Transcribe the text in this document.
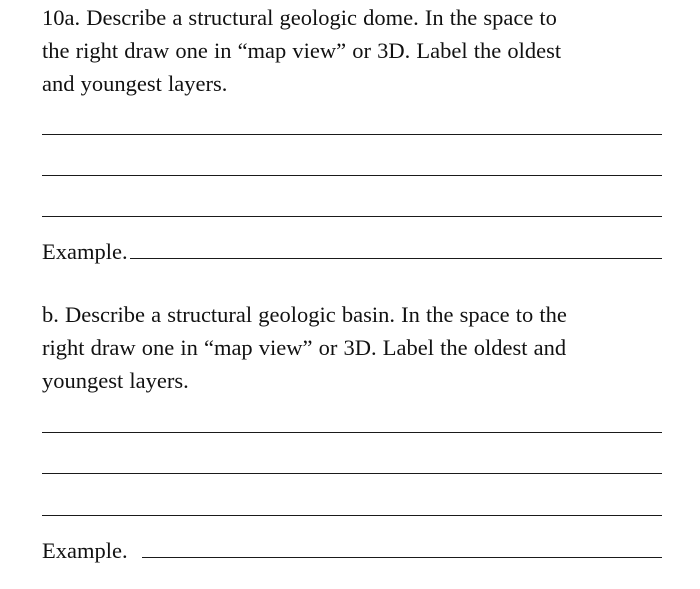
10a. Describe a structural geologic dome. In the space to
the right draw one in “map view” or 3D. Label the oldest
and youngest layers.
Example.
b. Describe a structural geologic basin. In the space to the
right draw one in “map view” or 3D. Label the oldest and
youngest layers.
Example.
